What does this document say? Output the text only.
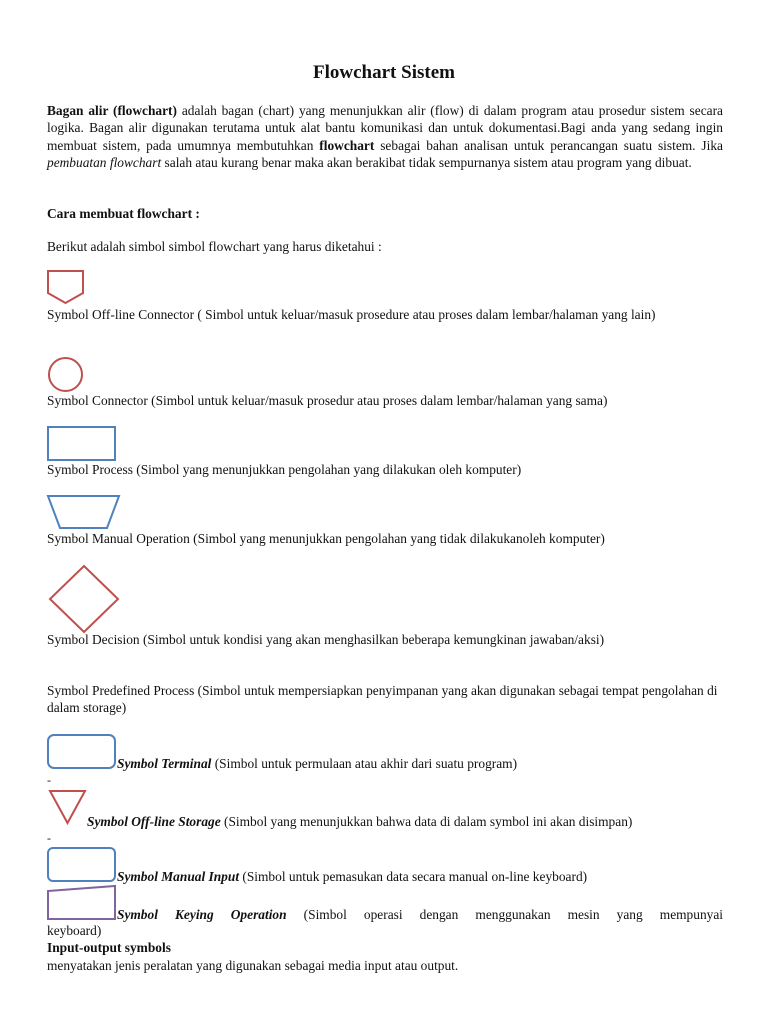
Flowchart Sistem
Bagan alir (flowchart) adalah bagan (chart) yang menunjukkan alir (flow) di dalam program atau prosedur sistem secara logika. Bagan alir digunakan terutama untuk alat bantu komunikasi dan untuk dokumentasi.Bagi anda yang sedang ingin membuat sistem, pada umumnya membutuhkan flowchart sebagai bahan analisan untuk perancangan suatu sistem. Jika pembuatan flowchart salah atau kurang benar maka akan berakibat tidak sempurnanya sistem atau program yang dibuat.
Cara membuat flowchart :
Berikut adalah simbol simbol flowchart yang harus diketahui :
Symbol Off-line Connector ( Simbol untuk keluar/masuk prosedure atau proses dalam lembar/halaman yang lain)
Symbol Connector (Simbol untuk keluar/masuk prosedur atau proses dalam lembar/halaman yang sama)
Symbol Process (Simbol yang menunjukkan pengolahan yang dilakukan oleh komputer)
Symbol Manual Operation (Simbol yang menunjukkan pengolahan yang tidak dilakukanoleh komputer)
Symbol Decision (Simbol untuk kondisi yang akan menghasilkan beberapa kemungkinan jawaban/aksi)
Symbol Predefined Process (Simbol untuk mempersiapkan penyimpanan yang akan digunakan sebagai tempat pengolahan di dalam storage)
Symbol Terminal (Simbol untuk permulaan atau akhir dari suatu program)
-
Symbol Off-line Storage (Simbol yang menunjukkan bahwa data di dalam symbol ini akan disimpan)
-
Symbol Manual Input (Simbol untuk pemasukan data secara manual on-line keyboard)
Symbol Keying Operation (Simbol operasi dengan menggunakan mesin yang mempunyai
keyboard)
Input-output symbols
menyatakan jenis peralatan yang digunakan sebagai media input atau output.
